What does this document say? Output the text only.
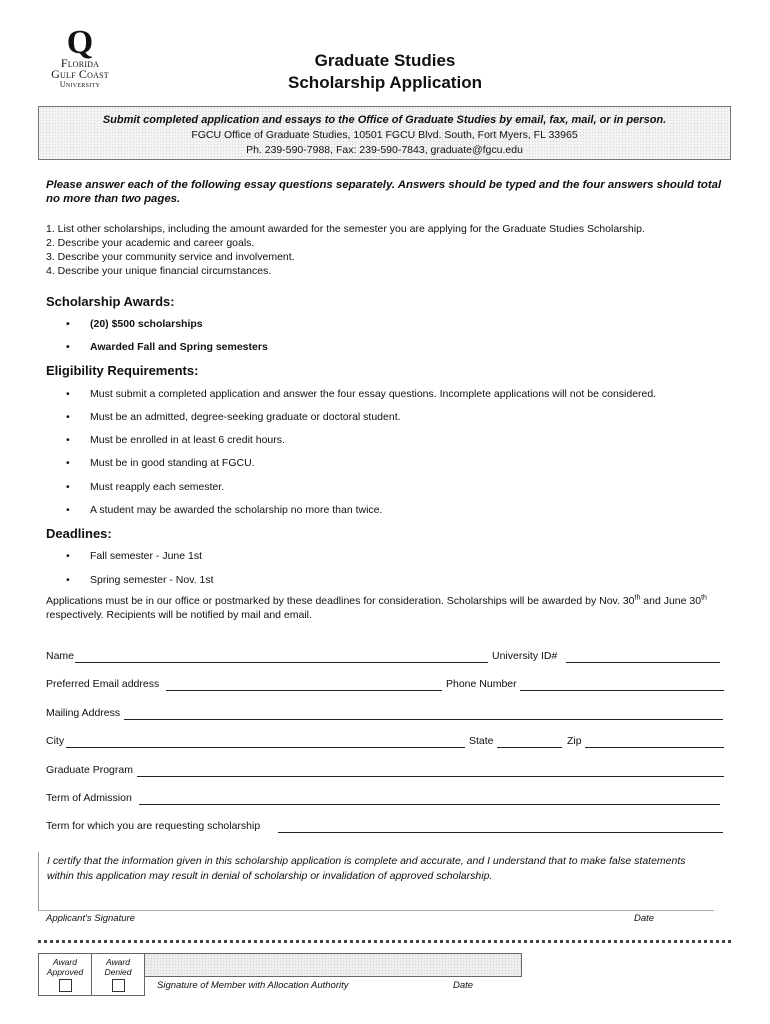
Q
Florida
Gulf Coast
University
Graduate Studies
Scholarship Application
Submit completed application and essays to the Office of Graduate Studies by email, fax, mail, or in person.
FGCU Office of Graduate Studies, 10501 FGCU Blvd. South, Fort Myers, FL 33965
Ph. 239-590-7988, Fax: 239-590-7843, graduate@fgcu.edu
Please answer each of the following essay questions separately. Answers should be typed and the four answers should total no more than two pages.
1. List other scholarships, including the amount awarded for the semester you are applying for the Graduate Studies Scholarship.
2. Describe your academic and career goals.
3. Describe your community service and involvement.
4. Describe your unique financial circumstances.
Scholarship Awards:
• (20) $500 scholarships
• Awarded Fall and Spring semesters
Eligibility Requirements:
• Must submit a completed application and answer the four essay questions. Incomplete applications will not be considered.
• Must be an admitted, degree-seeking graduate or doctoral student.
• Must be enrolled in at least 6 credit hours.
• Must be in good standing at FGCU.
• Must reapply each semester.
• A student may be awarded the scholarship no more than twice.
Deadlines:
• Fall semester - June 1st
• Spring semester - Nov. 1st
Applications must be in our office or postmarked by these deadlines for consideration. Scholarships will be awarded by Nov. 30th and June 30th respectively. Recipients will be notified by mail and email.
Name	University ID#
Preferred Email address	Phone Number
Mailing Address
City	State	Zip
Graduate Program
Term of Admission
Term for which you are requesting scholarship
I certify that the information given in this scholarship application is complete and accurate, and I understand that to make false statements within this application may result in denial of scholarship or invalidation of approved scholarship.
Applicant's Signature	Date
Award Approved
Award Denied
Signature of Member with Allocation Authority	Date
